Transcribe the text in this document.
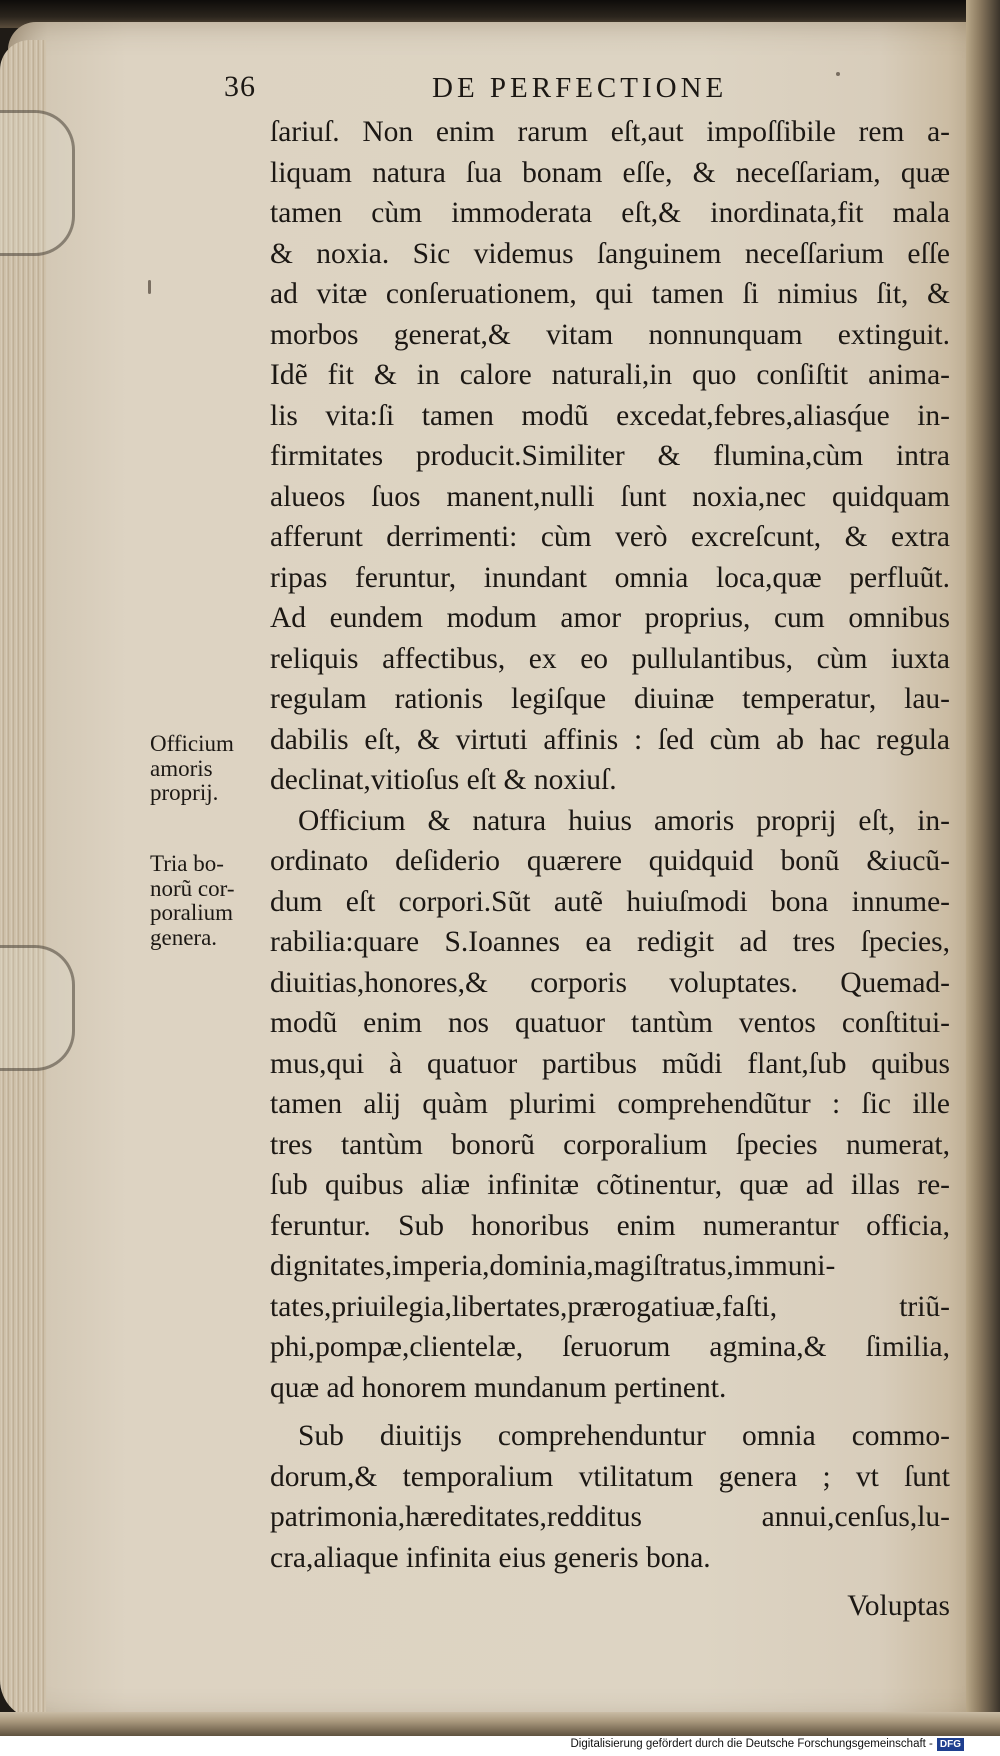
36	DE PERFECTIONE
ſariuſ. Non enim rarum eſt,aut impoſſibile rem a-
liquam natura ſua bonam eſſe, & neceſſariam, quæ
tamen cùm immoderata eſt,& inordinata,fit mala
& noxia. Sic videmus ſanguinem neceſſarium eſſe
ad vitæ conſeruationem, qui tamen ſi nimius ſit, &
morbos generat,& vitam nonnunquam extinguit.
Idẽ fit & in calore naturali,in quo conſiſtit anima-
lis vita:ſi tamen modũ excedat,febres,aliasq́ue in-
firmitates producit.Similiter & flumina,cùm intra
alueos ſuos manent,nulli ſunt noxia,nec quidquam
afferunt derrimenti: cùm verò excreſcunt, & extra
ripas feruntur, inundant omnia loca,quæ perfluũt.
Ad eundem modum amor proprius, cum omnibus
reliquis affectibus, ex eo pullulantibus, cùm iuxta
regulam rationis legiſque diuinæ temperatur, lau-
dabilis eſt, & virtuti affinis : ſed cùm ab hac regula
declinat,vitioſus eſt & noxiuſ.
Officium & natura huius amoris proprij eſt, in-
ordinato deſiderio quærere quidquid bonũ &iucũ-
dum eſt corpori.Sũt autẽ huiuſmodi bona innume-
rabilia:quare S.Ioannes ea redigit ad tres ſpecies,
diuitias,honores,& corporis voluptates. Quemad-
modũ enim nos quatuor tantùm ventos conſtitui-
mus,qui à quatuor partibus mũdi flant,ſub quibus
tamen alij quàm plurimi comprehendũtur : ſic ille
tres tantùm bonorũ corporalium ſpecies numerat,
ſub quibus aliæ infinitæ cõtinentur, quæ ad illas re-
feruntur. Sub honoribus enim numerantur officia,
dignitates,imperia,dominia,magiſtratus,immuni-
tates,priuilegia,libertates,prærogatiuæ,faſti, triũ-
phi,pompæ,clientelæ, ſeruorum agmina,& ſimilia,
quæ ad honorem mundanum pertinent.
Sub diuitijs comprehenduntur omnia commo-
dorum,& temporalium vtilitatum genera ; vt ſunt
patrimonia,hæreditates,redditus annui,cenſus,lu-
cra,aliaque infinita eius generis bona.
Voluptas
Officium
amoris
proprij.
Tria bo-
norũ cor-
poralium
genera.
Digitalisierung gefördert durch die Deutsche Forschungsgemeinschaft - DFG
